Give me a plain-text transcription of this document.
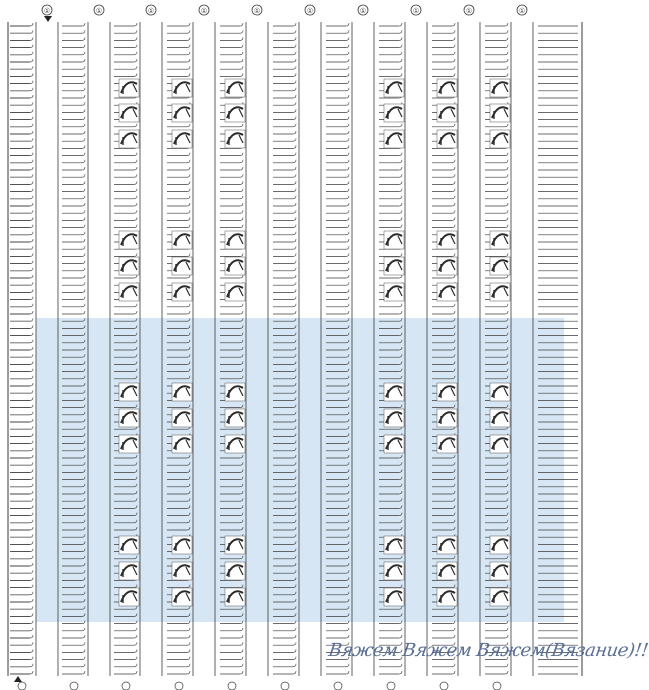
①	①	①	①	①	①	①	①	①	①
Вяжем Вяжем Вяжем(Вязание)!!
